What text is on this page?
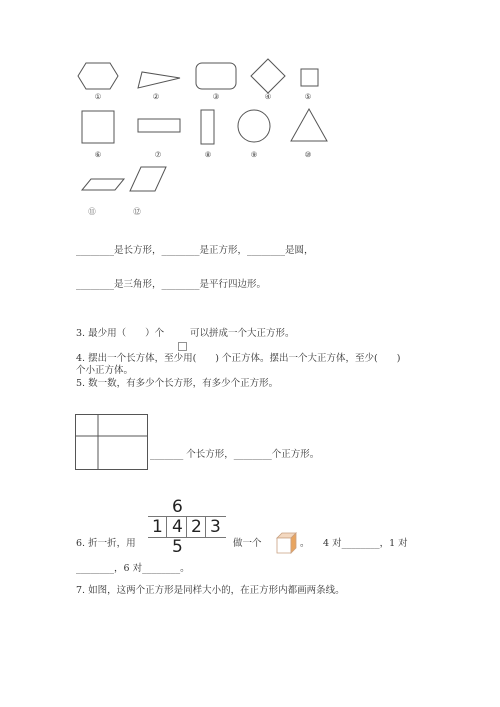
①	②	③	④	⑤
⑥	⑦	⑧	⑨	⑩
⑪	⑫
________是长方形，________是正方形，________是圆，
________是三角形，________是平行四边形。
3. 最少用（　　）个	可以拼成一个大正方形。
4. 摆出一个长方体，至少用(　　) 个正方体。摆出一个大正方体，至少(　　)
个小正方体。
5. 数一数，有多少个长方形，有多少个正方形。
_______ 个长方形，________个正方形。
6
1 4 2 3
5
6. 折一折，用	做一个	。 4 对________，1 对
________，6 对________。
7. 如图，这两个正方形是同样大小的，在正方形内都画两条线。
